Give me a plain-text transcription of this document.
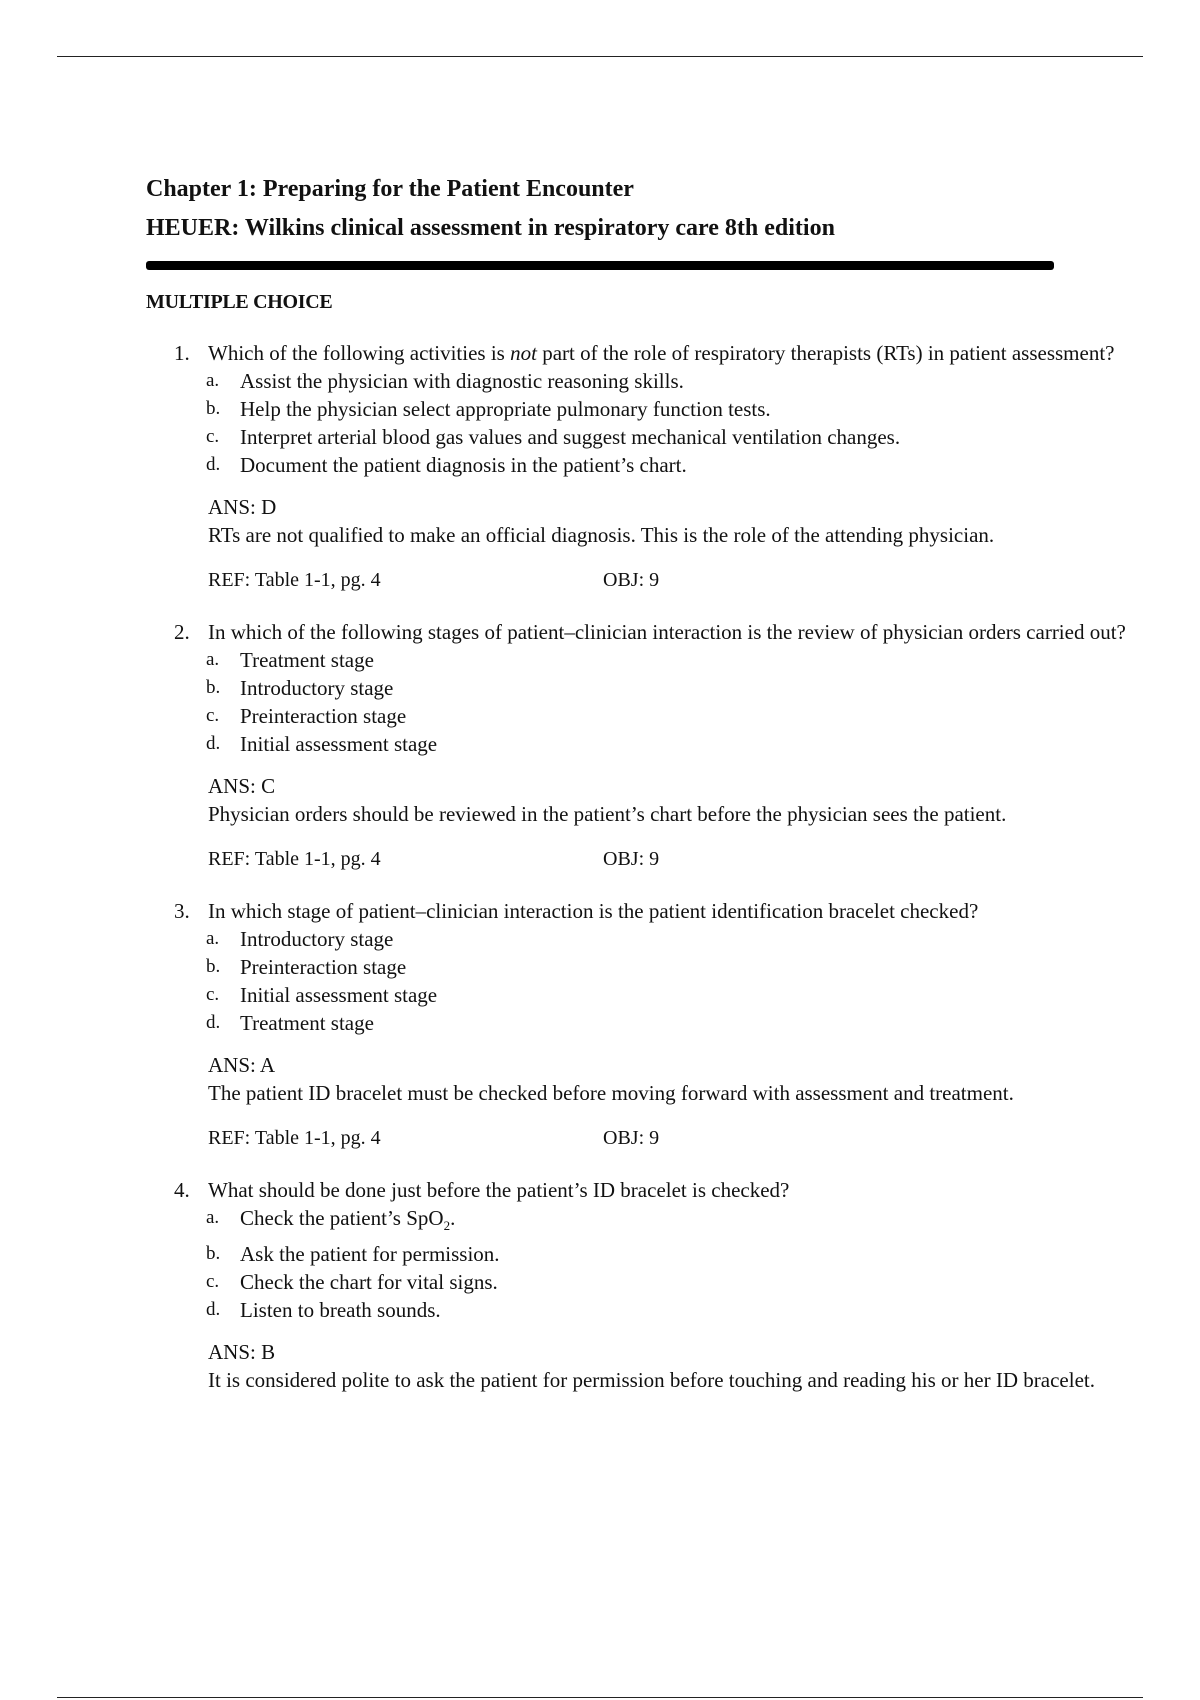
Chapter 1: Preparing for the Patient Encounter
HEUER: Wilkins clinical assessment in respiratory care 8th edition
MULTIPLE CHOICE
1. Which of the following activities is not part of the role of respiratory therapists (RTs) in patient assessment?

a. Assist the physician with diagnostic reasoning skills.
b. Help the physician select appropriate pulmonary function tests.
c. Interpret arterial blood gas values and suggest mechanical ventilation changes.
d. Document the patient diagnosis in the patient’s chart.

ANS: D

RTs are not qualified to make an official diagnosis. This is the role of the attending physician.

REF: Table 1-1, pg. 4	OBJ: 9
2. In which of the following stages of patient–clinician interaction is the review of physician orders carried out?

a. Treatment stage
b. Introductory stage
c. Preinteraction stage
d. Initial assessment stage

ANS: C

Physician orders should be reviewed in the patient’s chart before the physician sees the patient.

REF: Table 1-1, pg. 4	OBJ: 9
3. In which stage of patient–clinician interaction is the patient identification bracelet checked?

a. Introductory stage
b. Preinteraction stage
c. Initial assessment stage
d. Treatment stage

ANS: A

The patient ID bracelet must be checked before moving forward with assessment and treatment.

REF: Table 1-1, pg. 4	OBJ: 9
4. What should be done just before the patient’s ID bracelet is checked?

a. Check the patient’s SpO$_2$.
b. Ask the patient for permission.
c. Check the chart for vital signs.
d. Listen to breath sounds.

ANS: B

It is considered polite to ask the patient for permission before touching and reading his or her ID bracelet.
